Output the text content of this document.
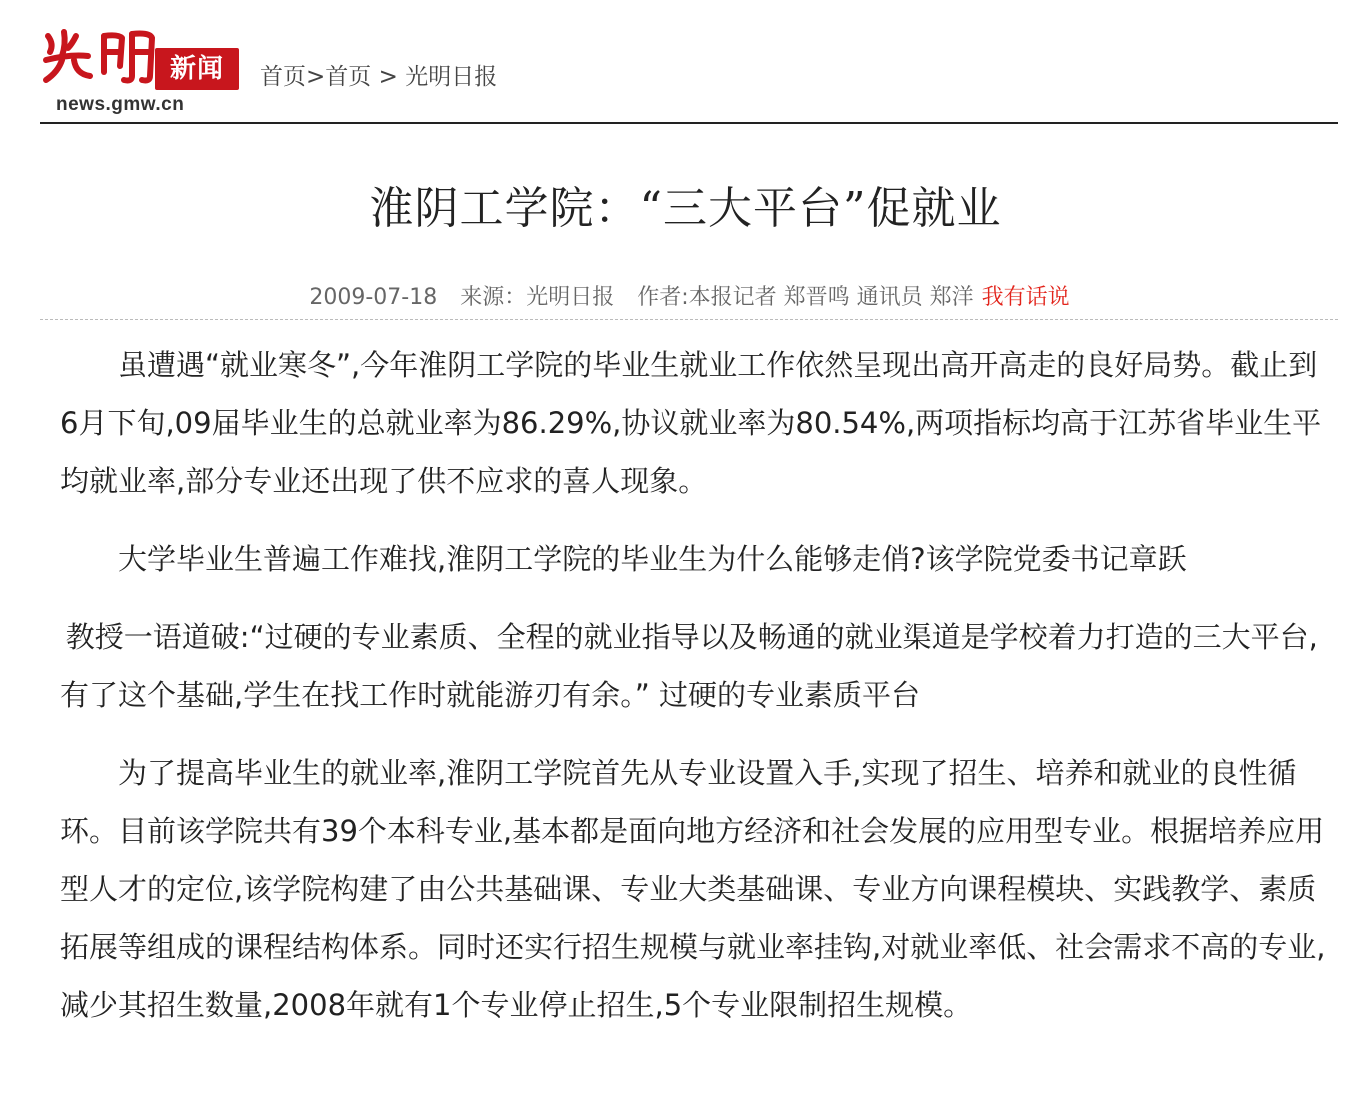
新闻
news.gmw.cn
首页>首页 > 光明日报
淮阴工学院：“三大平台”促就业
2009-07-18 来源：光明日报 作者:本报记者 郑晋鸣 通讯员 郑洋 我有话说

虽遭遇“就业寒冬”,今年淮阴工学院的毕业生就业工作依然呈现出高开高走的良好局势。截止到6月下旬,09届毕业生的总就业率为86.29%,协议就业率为80.54%,两项指标均高于江苏省毕业生平均就业率,部分专业还出现了供不应求的喜人现象。

大学毕业生普遍工作难找,淮阴工学院的毕业生为什么能够走俏?该学院党委书记章跃

教授一语道破:“过硬的专业素质、全程的就业指导以及畅通的就业渠道是学校着力打造的三大平台,有了这个基础,学生在找工作时就能游刃有余。” 过硬的专业素质平台

为了提高毕业生的就业率,淮阴工学院首先从专业设置入手,实现了招生、培养和就业的良性循环。目前该学院共有39个本科专业,基本都是面向地方经济和社会发展的应用型专业。根据培养应用型人才的定位,该学院构建了由公共基础课、专业大类基础课、专业方向课程模块、实践教学、素质拓展等组成的课程结构体系。同时还实行招生规模与就业率挂钩,对就业率低、社会需求不高的专业,减少其招生数量,2008年就有1个专业停止招生,5个专业限制招生规模。
